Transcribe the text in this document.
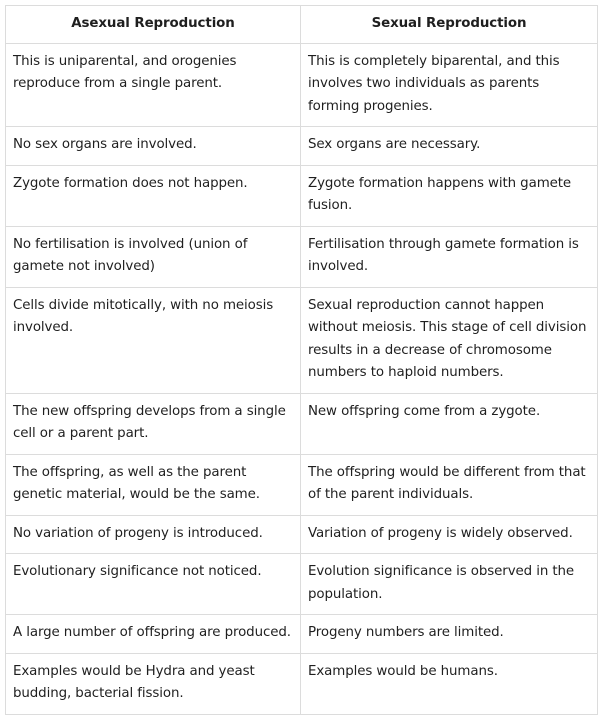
Asexual Reproduction	Sexual Reproduction
This is uniparental, and orogenies reproduce from a single parent.	This is completely biparental, and this involves two individuals as parents forming progenies.
No sex organs are involved.	Sex organs are necessary.
Zygote formation does not happen.	Zygote formation happens with gamete fusion.
No fertilisation is involved (union of gamete not involved)	Fertilisation through gamete formation is involved.
Cells divide mitotically, with no meiosis involved.	Sexual reproduction cannot happen without meiosis. This stage of cell division results in a decrease of chromosome numbers to haploid numbers.
The new offspring develops from a single cell or a parent part.	New offspring come from a zygote.
The offspring, as well as the parent genetic material, would be the same.	The offspring would be different from that of the parent individuals.
No variation of progeny is introduced.	Variation of progeny is widely observed.
Evolutionary significance not noticed.	Evolution significance is observed in the population.
A large number of offspring are produced.	Progeny numbers are limited.
Examples would be Hydra and yeast budding, bacterial fission.	Examples would be humans.
